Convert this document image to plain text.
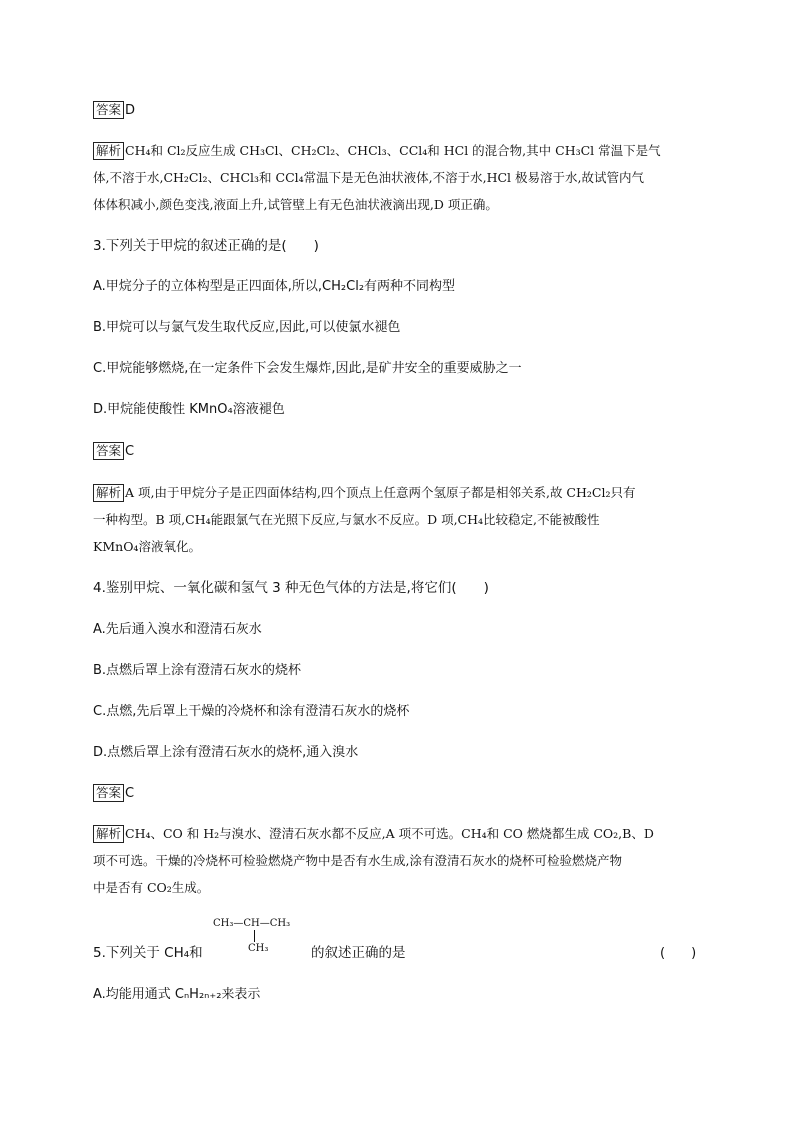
答案 D
解析 CH₄和 Cl₂反应生成 CH₃Cl、CH₂Cl₂、CHCl₃、CCl₄和 HCl 的混合物,其中 CH₃Cl 常温下是气
体,不溶于水,CH₂Cl₂、CHCl₃和 CCl₄常温下是无色油状液体,不溶于水,HCl 极易溶于水,故试管内气
体体积减小,颜色变浅,液面上升,试管壁上有无色油状液滴出现,D 项正确。
3.下列关于甲烷的叙述正确的是(　　)
A.甲烷分子的立体构型是正四面体,所以,CH₂Cl₂有两种不同构型
B.甲烷可以与氯气发生取代反应,因此,可以使氯水褪色
C.甲烷能够燃烧,在一定条件下会发生爆炸,因此,是矿井安全的重要威胁之一
D.甲烷能使酸性 KMnO₄溶液褪色
答案 C
解析 A 项,由于甲烷分子是正四面体结构,四个顶点上任意两个氢原子都是相邻关系,故 CH₂Cl₂只有
一种构型。B 项,CH₄能跟氯气在光照下反应,与氯水不反应。D 项,CH₄比较稳定,不能被酸性
KMnO₄溶液氧化。
4.鉴别甲烷、一氧化碳和氢气 3 种无色气体的方法是,将它们(　　)
A.先后通入溴水和澄清石灰水
B.点燃后罩上涂有澄清石灰水的烧杯
C.点燃,先后罩上干燥的冷烧杯和涂有澄清石灰水的烧杯
D.点燃后罩上涂有澄清石灰水的烧杯,通入溴水
答案 C
解析 CH₄、CO 和 H₂与溴水、澄清石灰水都不反应,A 项不可选。CH₄和 CO 燃烧都生成 CO₂,B、D
项不可选。干燥的冷烧杯可检验燃烧产物中是否有水生成,涂有澄清石灰水的烧杯可检验燃烧产物
中是否有 CO₂生成。
CH₃—CH—CH₃
CH₃
5.下列关于 CH₄和	的叙述正确的是	(　　)
A.均能用通式 CₙH₂ₙ₊₂来表示
